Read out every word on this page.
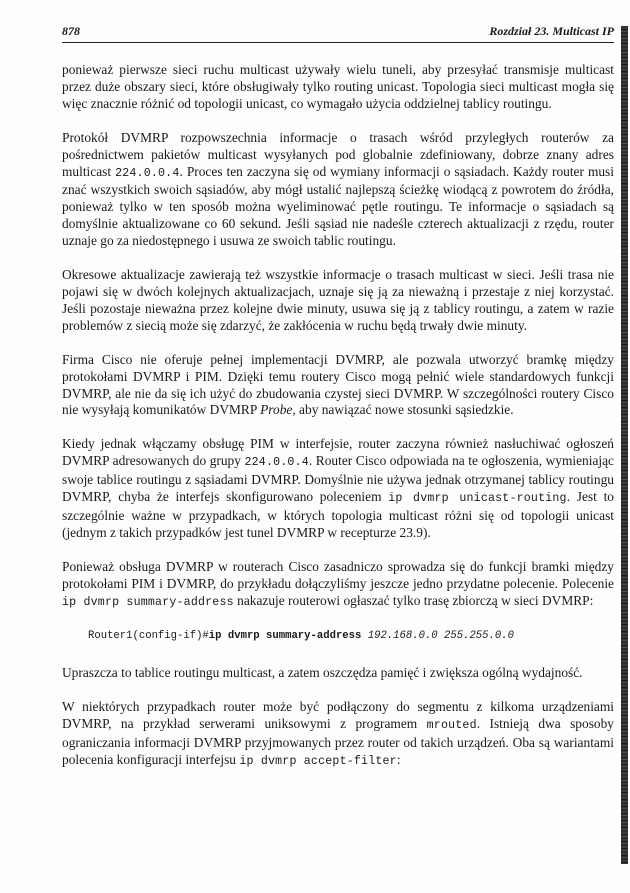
878	Rozdział 23. Multicast IP

ponieważ pierwsze sieci ruchu multicast używały wielu tuneli, aby przesyłać transmisje multicast przez duże obszary sieci, które obsługiwały tylko routing unicast. Topologia sieci multicast mogła się więc znacznie różnić od topologii unicast, co wymagało użycia oddzielnej tablicy routingu.

Protokół DVMRP rozpowszechnia informacje o trasach wśród przyległych routerów za pośrednictwem pakietów multicast wysyłanych pod globalnie zdefiniowany, dobrze znany adres multicast 224.0.0.4. Proces ten zaczyna się od wymiany informacji o sąsiadach. Każdy router musi znać wszystkich swoich sąsiadów, aby mógł ustalić najlepszą ścieżkę wiodącą z powrotem do źródła, ponieważ tylko w ten sposób można wyeliminować pętle routingu. Te informacje o sąsiadach są domyślnie aktualizowane co 60 sekund. Jeśli sąsiad nie nadeśle czterech aktualizacji z rzędu, router uznaje go za niedostępnego i usuwa ze swoich tablic routingu.

Okresowe aktualizacje zawierają też wszystkie informacje o trasach multicast w sieci. Jeśli trasa nie pojawi się w dwóch kolejnych aktualizacjach, uznaje się ją za nieważną i przestaje z niej korzystać. Jeśli pozostaje nieważna przez kolejne dwie minuty, usuwa się ją z tablicy routingu, a zatem w razie problemów z siecią może się zdarzyć, że zakłócenia w ruchu będą trwały dwie minuty.

Firma Cisco nie oferuje pełnej implementacji DVMRP, ale pozwala utworzyć bramkę między protokołami DVMRP i PIM. Dzięki temu routery Cisco mogą pełnić wiele standardowych funkcji DVMRP, ale nie da się ich użyć do zbudowania czystej sieci DVMRP. W szczególności routery Cisco nie wysyłają komunikatów DVMRP Probe, aby nawiązać nowe stosunki sąsiedzkie.

Kiedy jednak włączamy obsługę PIM w interfejsie, router zaczyna również nasłuchiwać ogłoszeń DVMRP adresowanych do grupy 224.0.0.4. Router Cisco odpowiada na te ogłoszenia, wymieniając swoje tablice routingu z sąsiadami DVMRP. Domyślnie nie używa jednak otrzymanej tablicy routingu DVMRP, chyba że interfejs skonfigurowano poleceniem ip dvmrp unicast-routing. Jest to szczególnie ważne w przypadkach, w których topologia multicast różni się od topologii unicast (jednym z takich przypadków jest tunel DVMRP w recepturze 23.9).

Ponieważ obsługa DVMRP w routerach Cisco zasadniczo sprowadza się do funkcji bramki między protokołami PIM i DVMRP, do przykładu dołączyliśmy jeszcze jedno przydatne polecenie. Polecenie ip dvmrp summary-address nakazuje routerowi ogłaszać tylko trasę zbiorczą w sieci DVMRP:

Router1(config-if)#ip dvmrp summary-address 192.168.0.0 255.255.0.0

Upraszcza to tablice routingu multicast, a zatem oszczędza pamięć i zwiększa ogólną wydajność.

W niektórych przypadkach router może być podłączony do segmentu z kilkoma urządzeniami DVMRP, na przykład serwerami uniksowymi z programem mrouted. Istnieją dwa sposoby ograniczania informacji DVMRP przyjmowanych przez router od takich urządzeń. Oba są wariantami polecenia konfiguracji interfejsu ip dvmrp accept-filter:
